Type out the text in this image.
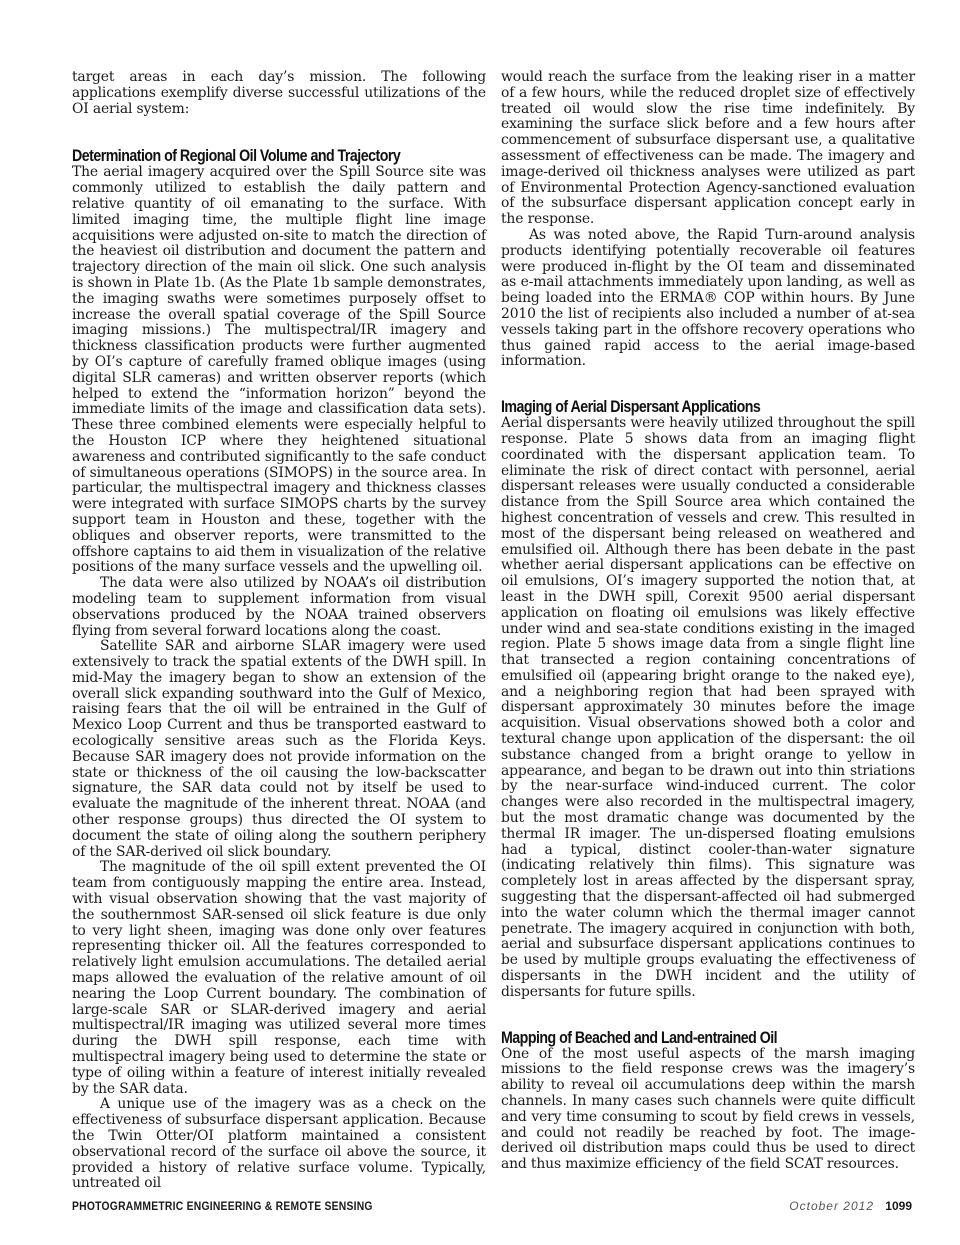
target areas in each day’s mission. The following applications exemplify diverse successful utilizations of the OI aerial system:

Determination of Regional Oil Volume and Trajectory

The aerial imagery acquired over the Spill Source site was commonly utilized to establish the daily pattern and relative quantity of oil emanating to the surface. With limited imaging time, the multiple flight line image acquisitions were adjusted on-site to match the direction of the heaviest oil distribution and document the pattern and trajectory direction of the main oil slick. One such analysis is shown in Plate 1b. (As the Plate 1b sample demonstrates, the imaging swaths were sometimes purposely offset to increase the overall spatial coverage of the Spill Source imaging missions.) The multispectral/IR imagery and thickness classification products were further augmented by OI’s capture of carefully framed oblique images (using digital SLR cameras) and written observer reports (which helped to extend the “information horizon” beyond the immediate limits of the image and classification data sets). These three combined elements were especially helpful to the Houston ICP where they heightened situational awareness and contributed significantly to the safe conduct of simultaneous operations (SIMOPS) in the source area. In particular, the multispectral imagery and thickness classes were integrated with surface SIMOPS charts by the survey support team in Houston and these, together with the obliques and observer reports, were transmitted to the offshore captains to aid them in visualization of the relative positions of the many surface vessels and the upwelling oil.

The data were also utilized by NOAA’s oil distribution modeling team to supplement information from visual observations produced by the NOAA trained observers flying from several forward locations along the coast.

Satellite SAR and airborne SLAR imagery were used extensively to track the spatial extents of the DWH spill. In mid-May the imagery began to show an extension of the overall slick expanding southward into the Gulf of Mexico, raising fears that the oil will be entrained in the Gulf of Mexico Loop Current and thus be transported eastward to ecologically sensitive areas such as the Florida Keys. Because SAR imagery does not provide information on the state or thickness of the oil causing the low-backscatter signature, the SAR data could not by itself be used to evaluate the magnitude of the inherent threat. NOAA (and other response groups) thus directed the OI system to document the state of oiling along the southern periphery of the SAR-derived oil slick boundary.

The magnitude of the oil spill extent prevented the OI team from contiguously mapping the entire area. Instead, with visual observation showing that the vast majority of the southernmost SAR-sensed oil slick feature is due only to very light sheen, imaging was done only over features representing thicker oil. All the features corresponded to relatively light emulsion accumulations. The detailed aerial maps allowed the evaluation of the relative amount of oil nearing the Loop Current boundary. The combination of large-scale SAR or SLAR-derived imagery and aerial multispectral/IR imaging was utilized several more times during the DWH spill response, each time with multispectral imagery being used to determine the state or type of oiling within a feature of interest initially revealed by the SAR data.

A unique use of the imagery was as a check on the effectiveness of subsurface dispersant application. Because the Twin Otter/OI platform maintained a consistent observational record of the surface oil above the source, it provided a history of relative surface volume. Typically, untreated oil

would reach the surface from the leaking riser in a matter of a few hours, while the reduced droplet size of effectively treated oil would slow the rise time indefinitely. By examining the surface slick before and a few hours after commencement of subsurface dispersant use, a qualitative assessment of effectiveness can be made. The imagery and image-derived oil thickness analyses were utilized as part of Environmental Protection Agency-sanctioned evaluation of the subsurface dispersant application concept early in the response.

As was noted above, the Rapid Turn-around analysis products identifying potentially recoverable oil features were produced in-flight by the OI team and disseminated as e-mail attachments immediately upon landing, as well as being loaded into the ERMA® COP within hours. By June 2010 the list of recipients also included a number of at-sea vessels taking part in the offshore recovery operations who thus gained rapid access to the aerial image-based information.

Imaging of Aerial Dispersant Applications

Aerial dispersants were heavily utilized throughout the spill response. Plate 5 shows data from an imaging flight coordinated with the dispersant application team. To eliminate the risk of direct contact with personnel, aerial dispersant releases were usually conducted a considerable distance from the Spill Source area which contained the highest concentration of vessels and crew. This resulted in most of the dispersant being released on weathered and emulsified oil. Although there has been debate in the past whether aerial dispersant applications can be effective on oil emulsions, OI’s imagery supported the notion that, at least in the DWH spill, Corexit 9500 aerial dispersant application on floating oil emulsions was likely effective under wind and sea-state conditions existing in the imaged region. Plate 5 shows image data from a single flight line that transected a region containing concentrations of emulsified oil (appearing bright orange to the naked eye), and a neighboring region that had been sprayed with dispersant approximately 30 minutes before the image acquisition. Visual observations showed both a color and textural change upon application of the dispersant: the oil substance changed from a bright orange to yellow in appearance, and began to be drawn out into thin striations by the near-surface wind-induced current. The color changes were also recorded in the multispectral imagery, but the most dramatic change was documented by the thermal IR imager. The un-dispersed floating emulsions had a typical, distinct cooler-than-water signature (indicating relatively thin films). This signature was completely lost in areas affected by the dispersant spray, suggesting that the dispersant-affected oil had submerged into the water column which the thermal imager cannot penetrate. The imagery acquired in conjunction with both, aerial and subsurface dispersant applications continues to be used by multiple groups evaluating the effectiveness of dispersants in the DWH incident and the utility of dispersants for future spills.

Mapping of Beached and Land-entrained Oil

One of the most useful aspects of the marsh imaging missions to the field response crews was the imagery’s ability to reveal oil accumulations deep within the marsh channels. In many cases such channels were quite difficult and very time consuming to scout by field crews in vessels, and could not readily be reached by foot. The image-derived oil distribution maps could thus be used to direct and thus maximize efficiency of the field SCAT resources.

PHOTOGRAMMETRIC ENGINEERING & REMOTE SENSING	October 2012 1099
